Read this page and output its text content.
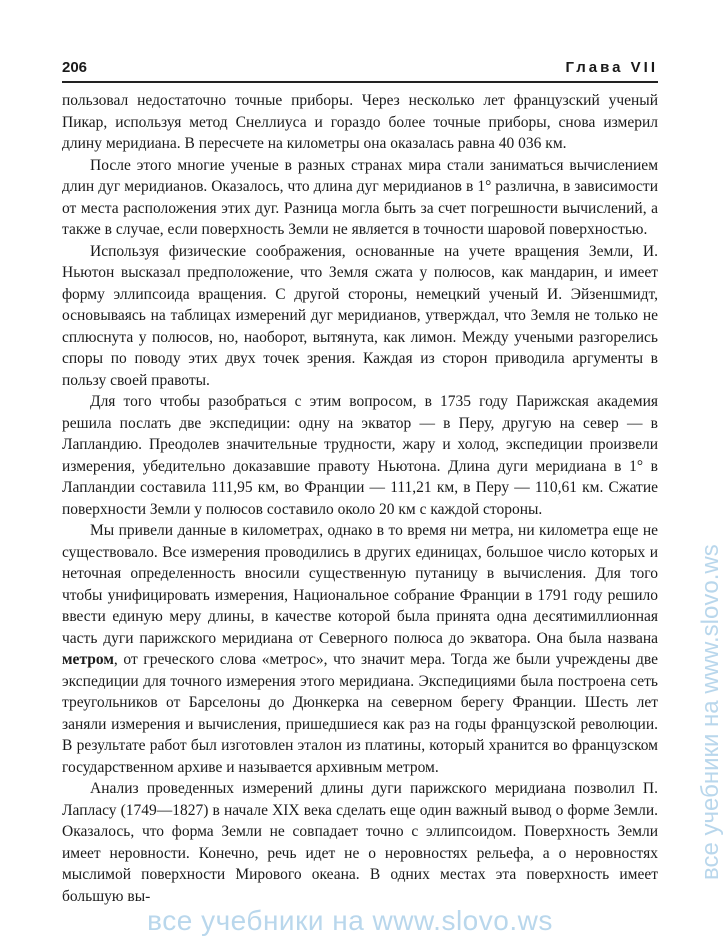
206	Глава VII

пользовал недостаточно точные приборы. Через несколько лет французский ученый Пикар, используя метод Снеллиуса и гораздо более точные приборы, снова измерил длину меридиана. В пересчете на километры она оказалась равна 40 036 км.

После этого многие ученые в разных странах мира стали заниматься вычислением длин дуг меридианов. Оказалось, что длина дуг меридианов в 1° различна, в зависимости от места расположения этих дуг. Разница могла быть за счет погрешности вычислений, а также в случае, если поверхность Земли не является в точности шаровой поверхностью.

Используя физические соображения, основанные на учете вращения Земли, И. Ньютон высказал предположение, что Земля сжата у полюсов, как мандарин, и имеет форму эллипсоида вращения. С другой стороны, немецкий ученый И. Эйзеншмидт, основываясь на таблицах измерений дуг меридианов, утверждал, что Земля не только не сплюснута у полюсов, но, наоборот, вытянута, как лимон. Между учеными разгорелись споры по поводу этих двух точек зрения. Каждая из сторон приводила аргументы в пользу своей правоты.

Для того чтобы разобраться с этим вопросом, в 1735 году Парижская академия решила послать две экспедиции: одну на экватор — в Перу, другую на север — в Лапландию. Преодолев значительные трудности, жару и холод, экспедиции произвели измерения, убедительно доказавшие правоту Ньютона. Длина дуги меридиана в 1° в Лапландии составила 111,95 км, во Франции — 111,21 км, в Перу — 110,61 км. Сжатие поверхности Земли у полюсов составило около 20 км с каждой стороны.

Мы привели данные в километрах, однако в то время ни метра, ни километра еще не существовало. Все измерения проводились в других единицах, большое число которых и неточная определенность вносили существенную путаницу в вычисления. Для того чтобы унифицировать измерения, Национальное собрание Франции в 1791 году решило ввести единую меру длины, в качестве которой была принята одна десятимиллионная часть дуги парижского меридиана от Северного полюса до экватора. Она была названа метром, от греческого слова «метрос», что значит мера. Тогда же были учреждены две экспедиции для точного измерения этого меридиана. Экспедициями была построена сеть треугольников от Барселоны до Дюнкерка на северном берегу Франции. Шесть лет заняли измерения и вычисления, пришедшиеся как раз на годы французской революции. В результате работ был изготовлен эталон из платины, который хранится во французском государственном архиве и называется архивным метром.

Анализ проведенных измерений длины дуги парижского меридиана позволил П. Лапласу (1749—1827) в начале XIX века сделать еще один важный вывод о форме Земли. Оказалось, что форма Земли не совпадает точно с эллипсоидом. Поверхность Земли имеет неровности. Конечно, речь идет не о неровностях рельефа, а о неровностях мыслимой поверхности Мирового океана. В одних местах эта поверхность имеет большую вы-

все учебники на www.slovo.ws
все учебники на www.slovo.ws
